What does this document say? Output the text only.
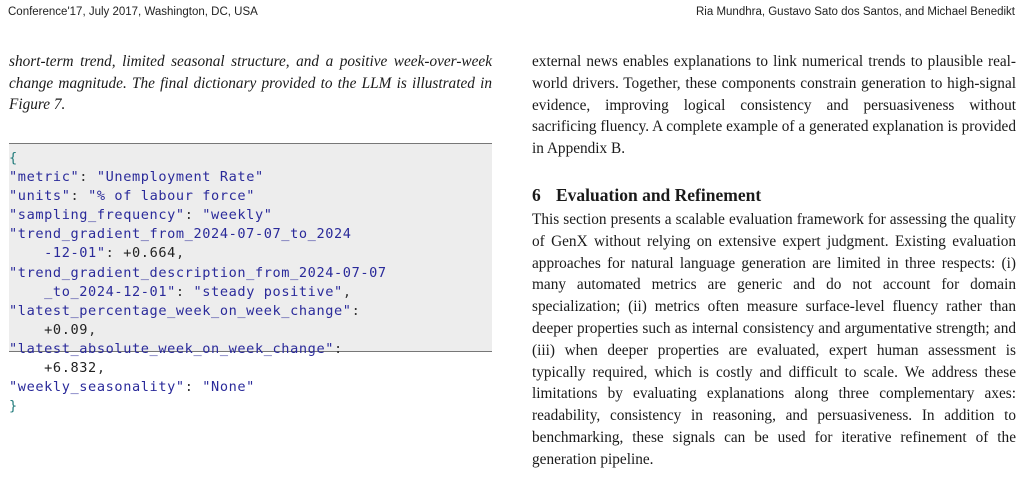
Conference'17, July 2017, Washington, DC, USA	Ria Mundhra, Gustavo Sato dos Santos, and Michael Benedikt

short-term trend, limited seasonal structure, and a positive week-over-week change magnitude. The final dictionary provided to the LLM is illustrated in Figure 7.

{
"metric": "Unemployment Rate"
"units": "% of labour force"
"sampling_frequency": "weekly"
"trend_gradient_from_2024-07-07_to_2024
-12-01": +0.664,
"trend_gradient_description_from_2024-07-07
_to_2024-12-01": "steady positive",
"latest_percentage_week_on_week_change":
+0.09,
"latest_absolute_week_on_week_change":
+6.832,
"weekly_seasonality": "None"
}

external news enables explanations to link numerical trends to plausible real-world drivers. Together, these components constrain generation to high-signal evidence, improving logical consistency and persuasiveness without sacrificing fluency. A complete example of a generated explanation is provided in Appendix B.

6 Evaluation and Refinement

This section presents a scalable evaluation framework for assessing the quality of GenX without relying on extensive expert judgment. Existing evaluation approaches for natural language generation are limited in three respects: (i) many automated metrics are generic and do not account for domain specialization; (ii) metrics often measure surface-level fluency rather than deeper properties such as internal consistency and argumentative strength; and (iii) when deeper properties are evaluated, expert human assessment is typically required, which is costly and difficult to scale. We address these limitations by evaluating explanations along three complementary axes: readability, consistency in reasoning, and persuasiveness. In addition to benchmarking, these signals can be used for iterative refinement of the generation pipeline.
